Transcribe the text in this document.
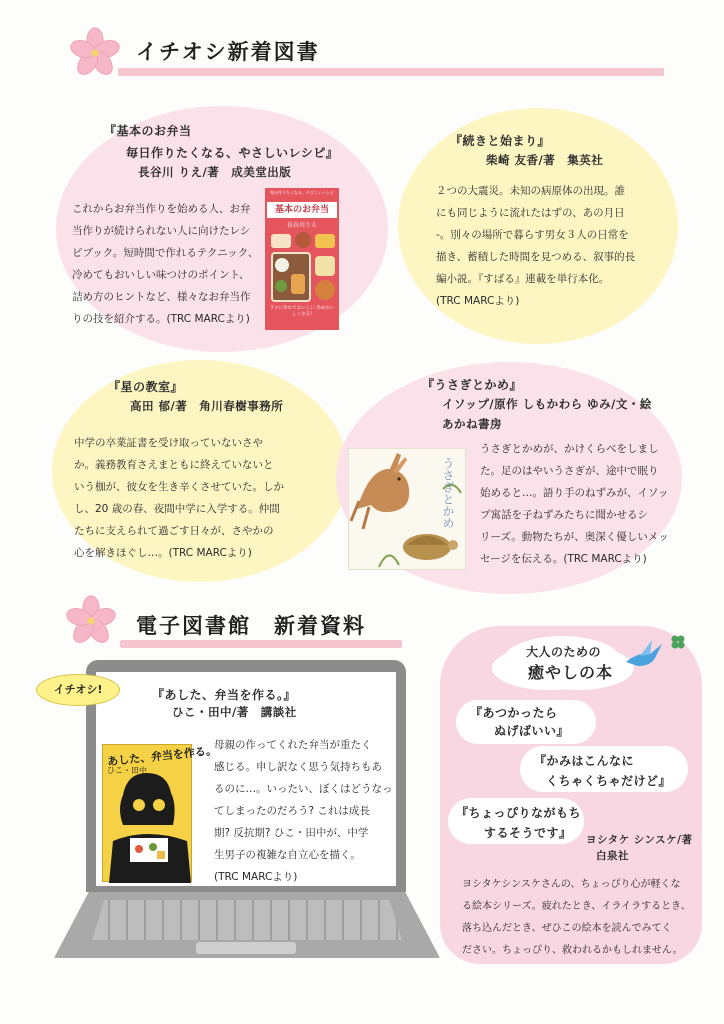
イチオシ新着図書
『基本のお弁当
毎日作りたくなる、やさしいレシピ』
長谷川 りえ/著　成美堂出版
これからお弁当作りを始める人、お弁
当作りが続けられない人に向けたレシ
ピブック。短時間で作れるテクニック、
冷めてもおいしい味つけのポイント、
詰め方のヒントなど、様々なお弁当作
りの技を紹介する。(TRC MARCより)
毎日作りたくなる、やさしいレシピ
基本のお弁当
長谷川りえ
ラクに作れておいしい 冷めおいしくなる!
『続きと始まり』
柴崎 友香/著　集英社
２つの大震災。未知の病原体の出現。誰
にも同じように流れたはずの、あの月日
-。別々の場所で暮らす男女３人の日常を
描き、蓄積した時間を見つめる、叙事的長
編小説。『すばる』連載を単行本化。
(TRC MARCより)
『星の教室』
高田 郁/著　角川春樹事務所
中学の卒業証書を受け取っていないさや
か。義務教育さえまともに終えていないと
いう枷が、彼女を生き辛くさせていた。しか
し、20 歳の春、夜間中学に入学する。仲間
たちに支えられて過ごす日々が、さやかの
心を解きほぐし…。(TRC MARCより)
『うさぎとかめ』
イソップ/原作 しもかわら ゆみ/文・絵
あかね書房
うさぎとかめ
うさぎとかめが、かけくらべをしまし
た。足のはやいうさぎが、途中で眠り
始めると…。語り手のねずみが、イソッ
プ寓話を子ねずみたちに聞かせるシ
リーズ。動物たちが、奥深く優しいメッ
セージを伝える。(TRC MARCより)
電子図書館　新着資料
イチオシ!	『あした、弁当を作る。』
ひこ・田中/著　講談社
あした、弁当を作る。
ひこ・田中
母親の作ってくれた弁当が重たく
感じる。申し訳なく思う気持ちもあ
るのに…。いったい、ぼくはどうなっ
てしまったのだろう? これは成長
期? 反抗期? ひこ・田中が、中学
生男子の複雑な自立心を描く。
(TRC MARCより)
大人のための
癒やしの本
『あつかったら
ぬげばいい』
『かみはこんなに
くちゃくちゃだけど』
『ちょっぴりながもち
するそうです』 ヨシタケ シンスケ/著
白泉社
ヨシタケシンスケさんの、ちょっぴり心が軽くな
る絵本シリーズ。疲れたとき、イライラするとき、
落ち込んだとき、ぜひこの絵本を読んでみてく
ださい。ちょっぴり、救われるかもしれません。
